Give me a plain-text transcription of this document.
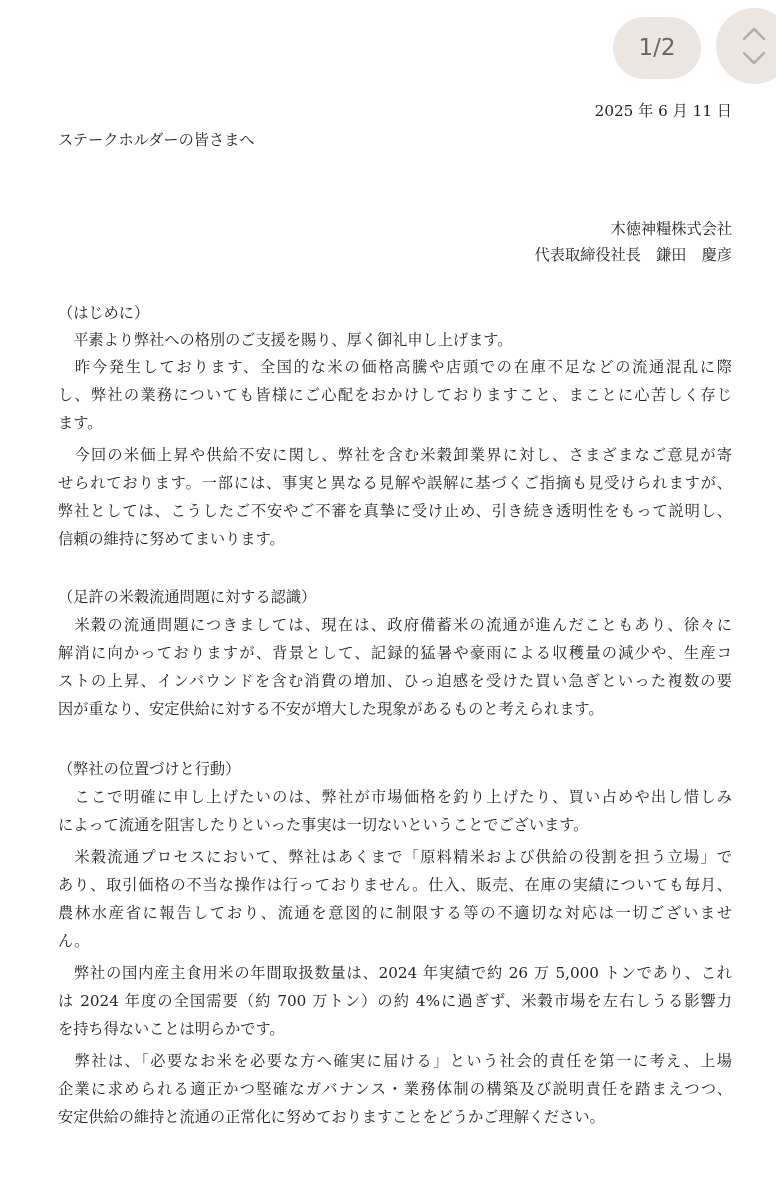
1/2
2025 年 6 月 11 日
ステークホルダーの皆さまへ
木徳神糧株式会社
代表取締役社長　鎌田　慶彦
（はじめに）
　平素より弊社への格別のご支援を賜り、厚く御礼申し上げます。
　昨今発生しております、全国的な米の価格高騰や店頭での在庫不足などの流通混乱に際
し、弊社の業務についても皆様にご心配をおかけしておりますこと、まことに心苦しく存じ
ます。
　今回の米価上昇や供給不安に関し、弊社を含む米穀卸業界に対し、さまざまなご意見が寄
せられております。一部には、事実と異なる見解や誤解に基づくご指摘も見受けられますが、
弊社としては、こうしたご不安やご不審を真摯に受け止め、引き続き透明性をもって説明し、
信頼の維持に努めてまいります。
（足許の米穀流通問題に対する認識）
　米穀の流通問題につきましては、現在は、政府備蓄米の流通が進んだこともあり、徐々に
解消に向かっておりますが、背景として、記録的猛暑や豪雨による収穫量の減少や、生産コ
ストの上昇、インバウンドを含む消費の増加、ひっ迫感を受けた買い急ぎといった複数の要
因が重なり、安定供給に対する不安が増大した現象があるものと考えられます。
（弊社の位置づけと行動）
　ここで明確に申し上げたいのは、弊社が市場価格を釣り上げたり、買い占めや出し惜しみ
によって流通を阻害したりといった事実は一切ないということでございます。
　米穀流通プロセスにおいて、弊社はあくまで「原料精米および供給の役割を担う立場」で
あり、取引価格の不当な操作は行っておりません。仕入、販売、在庫の実績についても毎月、
農林水産省に報告しており、流通を意図的に制限する等の不適切な対応は一切ございませ
ん。
　弊社の国内産主食用米の年間取扱数量は、2024 年実績で約 26 万 5,000 トンであり、これ
は 2024 年度の全国需要（約 700 万トン）の約 4%に過ぎず、米穀市場を左右しうる影響力
を持ち得ないことは明らかです。
　弊社は、「必要なお米を必要な方へ確実に届ける」という社会的責任を第一に考え、上場
企業に求められる適正かつ堅確なガバナンス・業務体制の構築及び説明責任を踏まえつつ、
安定供給の維持と流通の正常化に努めておりますことをどうかご理解ください。
